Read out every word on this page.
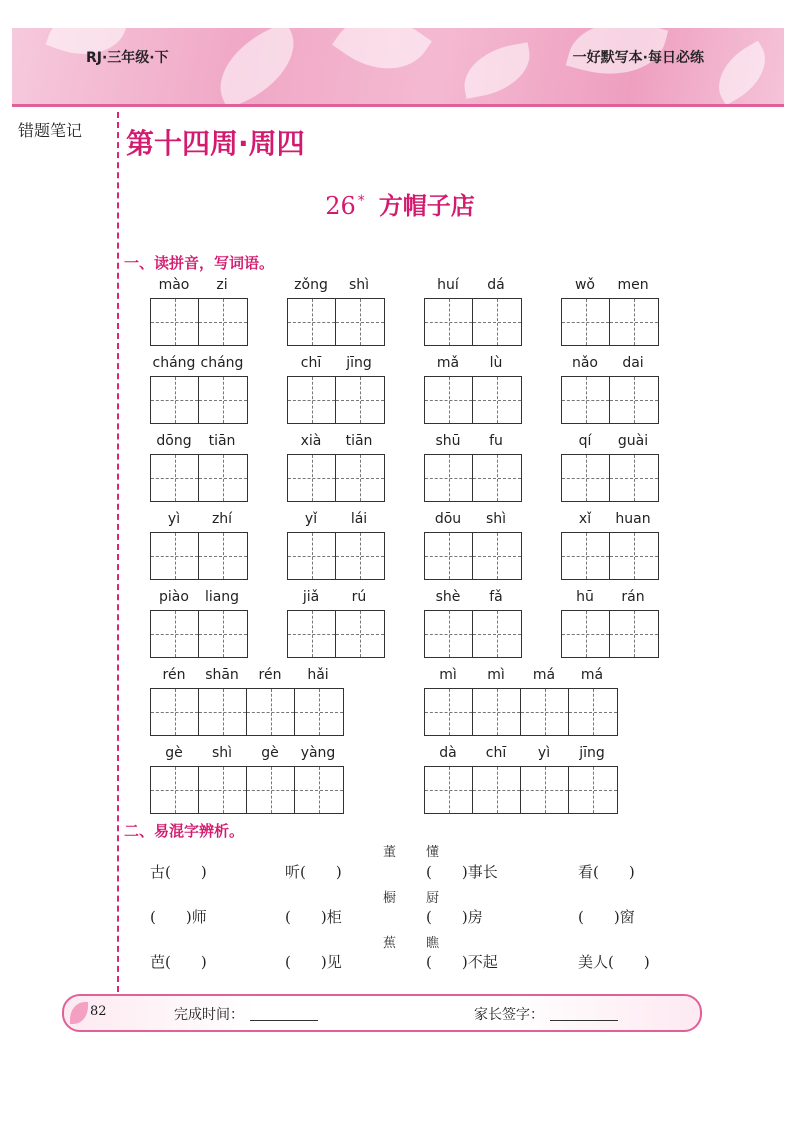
RJ·三年级·下	一好默写本·每日必练
错题笔记 第十四周·周四
26 * 方帽子店
一、读拼音，写词语。
mào	zi	zǒng	shì	huí	dá	wǒ	men
cháng cháng	chī	jīng	mǎ	lù	nǎo	dai
dōng	tiān	xià	tiān	shū	fu	qí	guài
yì	zhí	yǐ	lái	dōu	shì	xǐ	huan
piào	liang	jiǎ	rú	shè	fǎ	hū	rán
rén	shān	rén	hǎi	mì	mì	má	má
gè	shì	gè	yàng	dà	chī	yì	jīng
二、易混字辨析。
董 懂
古(　　)	听(　　)	(　　)事长	看(　　)
橱 厨
(　　)师	(　　)柜	(　　)房	(　　)窗
蕉 瞧
芭(　　)	(　　)见	(　　)不起	美人(　　)
82	完成时间：	家长签字：
